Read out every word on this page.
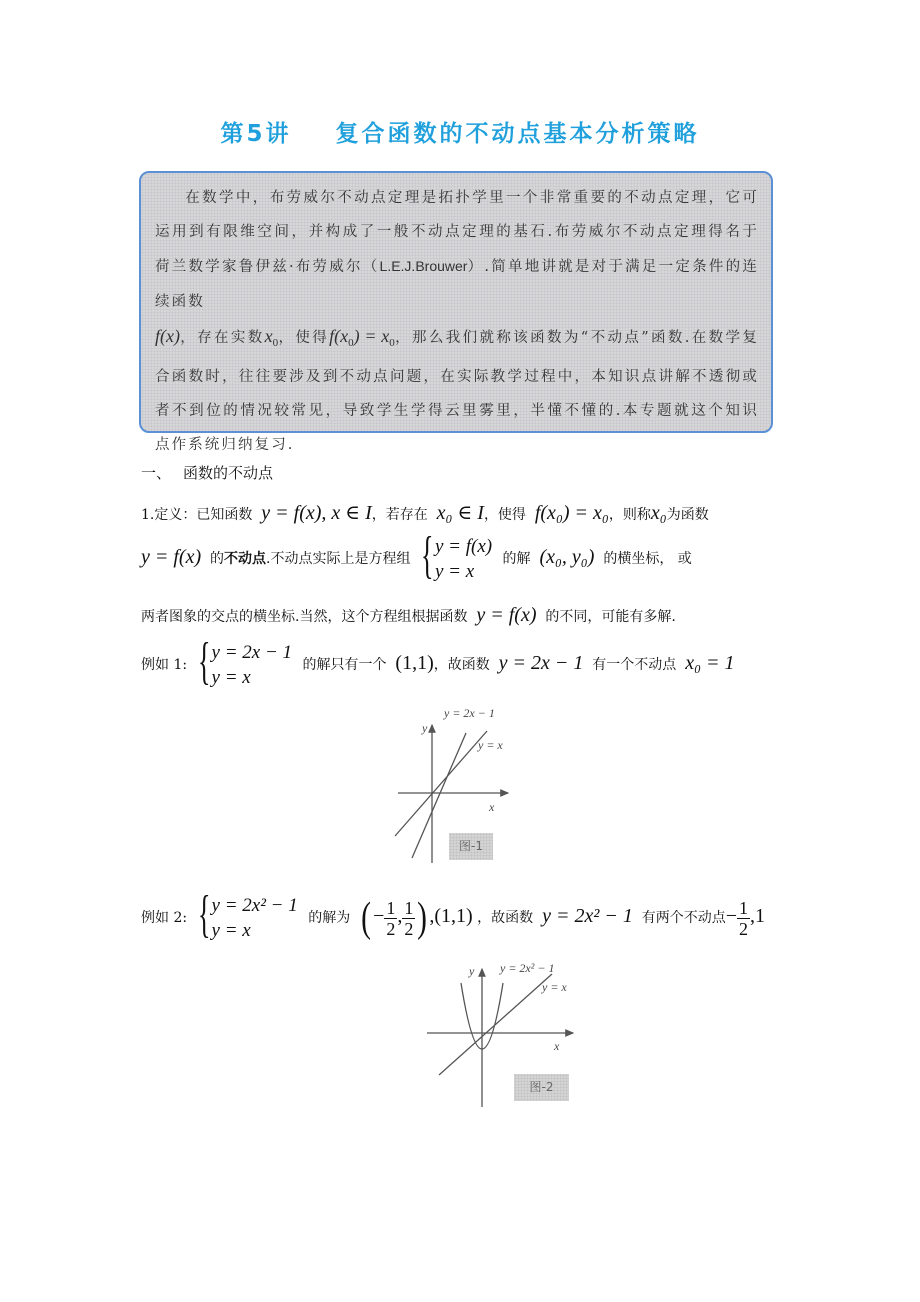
第5讲 复合函数的不动点基本分析策略
在数学中，布劳威尔不动点定理是拓扑学里一个非常重要的不动点定理，它可运用到有限维空间，并构成了一般不动点定理的基石.布劳威尔不动点定理得名于荷兰数学家鲁伊兹·布劳威尔（L.E.J.Brouwer）.简单地讲就是对于满足一定条件的连续函数
f(x)，存在实数$x_0$，使得$f(x_0) = x_0$，那么我们就称该函数为“不动点”函数.在数学复合函数时，往往要涉及到不动点问题，在实际教学过程中，本知识点讲解不透彻或者不到位的情况较常见，导致学生学得云里雾里，半懂不懂的.本专题就这个知识点作系统归纳复习.
一、 函数的不动点
1.定义：已知函数 y = f(x), x ∈ I，若存在 x₀ ∈ I，使得 f(x₀) = x₀，则称x₀为函数
y = f(x) 的不动点.不动点实际上是方程组 { y = f(x)
y = x
的解 (x₀, y₀) 的横坐标， 或
两者图象的交点的横坐标.当然，这个方程组根据函数 y = f(x) 的不同，可能有多解.
例如 1: { y = 2x − 1
y = x
的解只有一个 (1,1)，故函数 y = 2x − 1 有一个不动点 x₀ = 1
y
x
y = 2x − 1
y = x
图-1
例如 2: { y = 2x² − 1
y = x
的解为 ( − $\frac{1}{2}$ , $\frac{1}{2}$ ) ,(1,1) ，故函数 y = 2x² − 1 有两个不动点− $\frac{1}{2} ,1$
y
x
y = 2x² − 1
y = x
图-2
